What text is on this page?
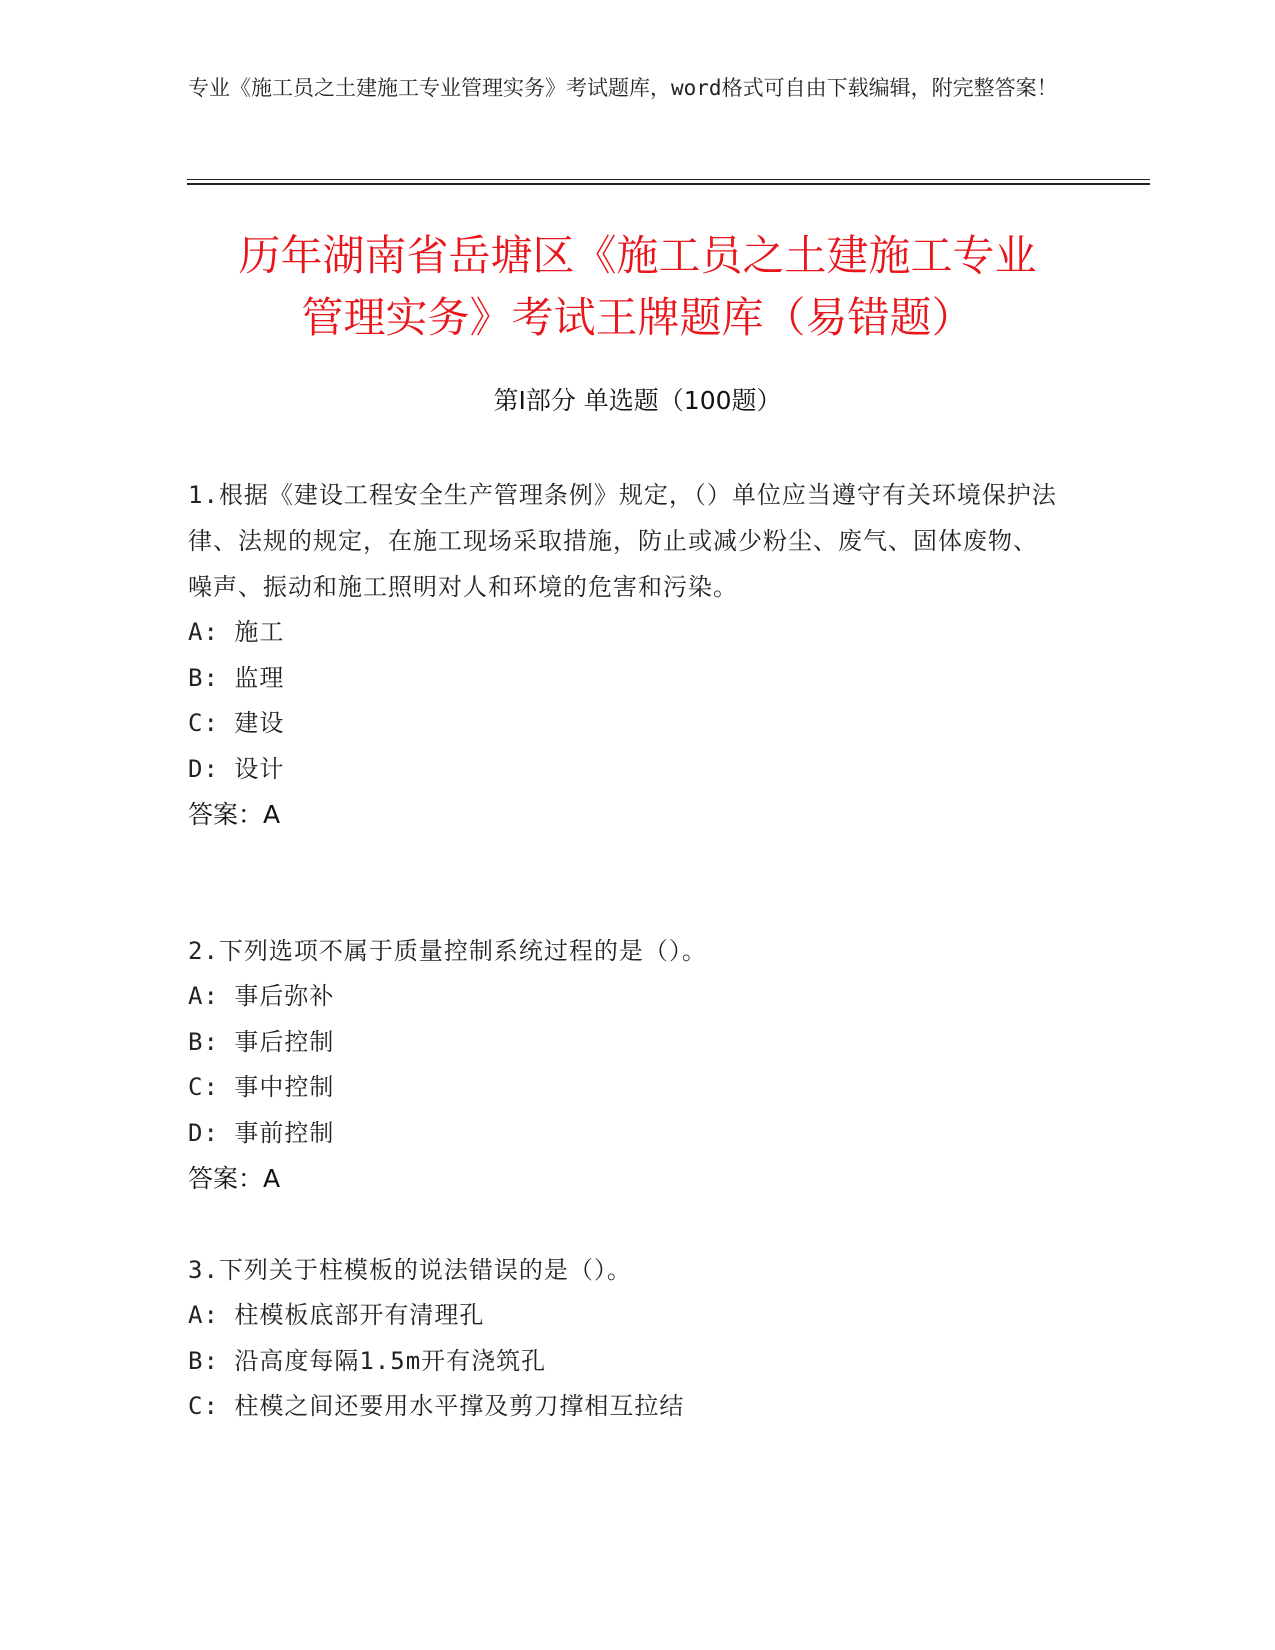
专业《施工员之土建施工专业管理实务》考试题库，word格式可自由下载编辑，附完整答案！
历年湖南省岳塘区《施工员之土建施工专业
管理实务》考试王牌题库（易错题）
第Ⅰ部分 单选题（100题）
1.根据《建设工程安全生产管理条例》规定，（）单位应当遵守有关环境保护法律、法规的规定，在施工现场采取措施，防止或减少粉尘、废气、固体废物、噪声、振动和施工照明对人和环境的危害和污染。
A: 施工
B: 监理
C: 建设
D: 设计
答案：A
2.下列选项不属于质量控制系统过程的是（）。
A: 事后弥补
B: 事后控制
C: 事中控制
D: 事前控制
答案：A
3.下列关于柱模板的说法错误的是（）。
A: 柱模板底部开有清理孔
B: 沿高度每隔1.5m开有浇筑孔
C: 柱模之间还要用水平撑及剪刀撑相互拉结
